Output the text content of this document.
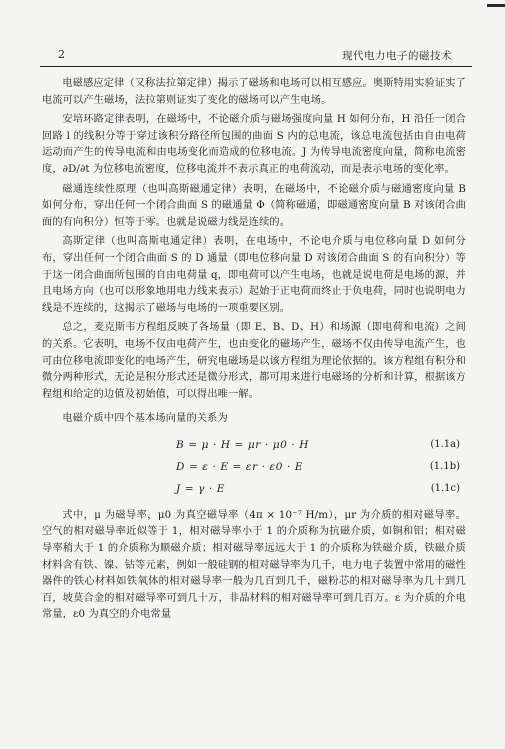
2	现代电力电子的磁技术

电磁感应定律（又称法拉第定律）揭示了磁场和电场可以相互感应。奥斯特用实验证实了电流可以产生磁场，法拉第则证实了变化的磁场可以产生电场。

安培环路定律表明，在磁场中，不论磁介质与磁场强度向量 H 如何分布，H 沿任一闭合回路 l 的线积分等于穿过该积分路径所包围的曲面 S 内的总电流，该总电流包括由自由电荷运动而产生的传导电流和由电场变化而造成的位移电流。J 为传导电流密度向量，简称电流密度，∂D/∂t 为位移电流密度，位移电流并不表示真正的电荷流动，而是表示电场的变化率。

磁通连续性原理（也叫高斯磁通定律）表明，在磁场中，不论磁介质与磁通密度向量 B 如何分布，穿出任何一个闭合曲面 S 的磁通量 Φ（简称磁通，即磁通密度向量 B 对该闭合曲面的有向积分）恒等于零。也就是说磁力线是连续的。

高斯定律（也叫高斯电通定律）表明，在电场中，不论电介质与电位移向量 D 如何分布，穿出任何一个闭合曲面 S 的 D 通量（即电位移向量 D 对该闭合曲面 S 的有向积分）等于这一闭合曲面所包围的自由电荷量 q，即电荷可以产生电场，也就是说电荷是电场的源，并且电场方向（也可以形象地用电力线来表示）起始于正电荷而终止于负电荷，同时也说明电力线是不连续的，这揭示了磁场与电场的一项重要区别。

总之，麦克斯韦方程组反映了各场量（即 E、B、D、H）和场源（即电荷和电流）之间的关系。它表明，电场不仅由电荷产生，也由变化的磁场产生，磁场不仅由传导电流产生，也可由位移电流即变化的电场产生，研究电磁场是以该方程组为理论依据的。该方程组有积分和微分两种形式，无论是积分形式还是微分形式，都可用来进行电磁场的分析和计算，根据该方程组和给定的边值及初始值，可以得出唯一解。

电磁介质中四个基本场向量的关系为

B = μ · H = μr · μ0 · H	(1.1a)
D = ε · E = εr · ε0 · E	(1.1b)
J = γ · E	(1.1c)

式中，μ 为磁导率，μ0 为真空磁导率（4π × 10⁻⁷ H/m），μr 为介质的相对磁导率。空气的相对磁导率近似等于 1，相对磁导率小于 1 的介质称为抗磁介质，如铜和铝；相对磁导率稍大于 1 的介质称为顺磁介质；相对磁导率远远大于 1 的介质称为铁磁介质，铁磁介质材料含有铁、镍、钴等元素，例如一般硅钢的相对磁导率为几千，电力电子装置中常用的磁性器件的铁心材料如铁氧体的相对磁导率一般为几百到几千，磁粉芯的相对磁导率为几十到几百，坡莫合金的相对磁导率可到几十万，非晶材料的相对磁导率可到几百万。ε 为介质的介电常量，ε0 为真空的介电常量
